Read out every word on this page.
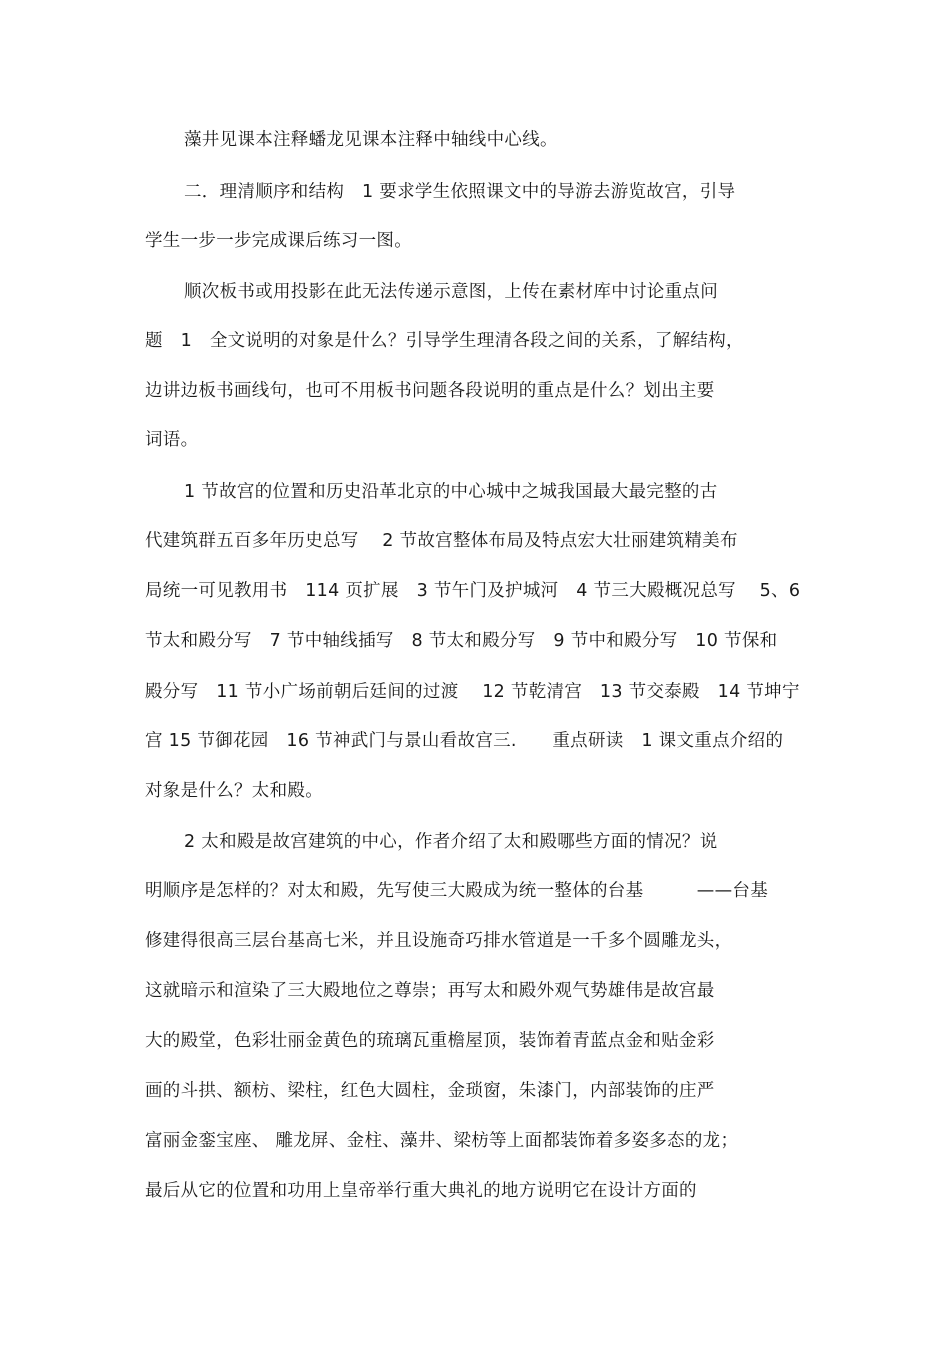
藻井见课本注释蟠龙见课本注释中轴线中心线。
二．理清顺序和结构　1 要求学生依照课文中的导游去游览故宫，引导
学生一步一步完成课后练习一图。
顺次板书或用投影在此无法传递示意图，上传在素材库中讨论重点问
题　1　全文说明的对象是什么？引导学生理清各段之间的关系，了解结构，
边讲边板书画线句，也可不用板书问题各段说明的重点是什么？划出主要
词语。
1 节故宫的位置和历史沿革北京的中心城中之城我国最大最完整的古
代建筑群五百多年历史总写　 2 节故宫整体布局及特点宏大壮丽建筑精美布
局统一可见教用书　114 页扩展　3 节午门及护城河　4 节三大殿概况总写　 5、6
节太和殿分写　7 节中轴线插写　8 节太和殿分写　9 节中和殿分写　10 节保和
殿分写　11 节小广场前朝后廷间的过渡　 12 节乾清宫　13 节交泰殿　14 节坤宁
宫 15 节御花园　16 节神武门与景山看故宫三.　　重点研读　1 课文重点介绍的
对象是什么？太和殿。
2 太和殿是故宫建筑的中心，作者介绍了太和殿哪些方面的情况？说
明顺序是怎样的？对太和殿，先写使三大殿成为统一整体的台基　　　——台基
修建得很高三层台基高七米，并且设施奇巧排水管道是一千多个圆雕龙头，
这就暗示和渲染了三大殿地位之尊崇；再写太和殿外观气势雄伟是故宫最
大的殿堂，色彩壮丽金黄色的琉璃瓦重檐屋顶，装饰着青蓝点金和贴金彩
画的斗拱、额枋、梁柱，红色大圆柱，金琐窗，朱漆门，内部装饰的庄严
富丽金銮宝座、 雕龙屏、金柱、藻井、梁枋等上面都装饰着多姿多态的龙；
最后从它的位置和功用上皇帝举行重大典礼的地方说明它在设计方面的
